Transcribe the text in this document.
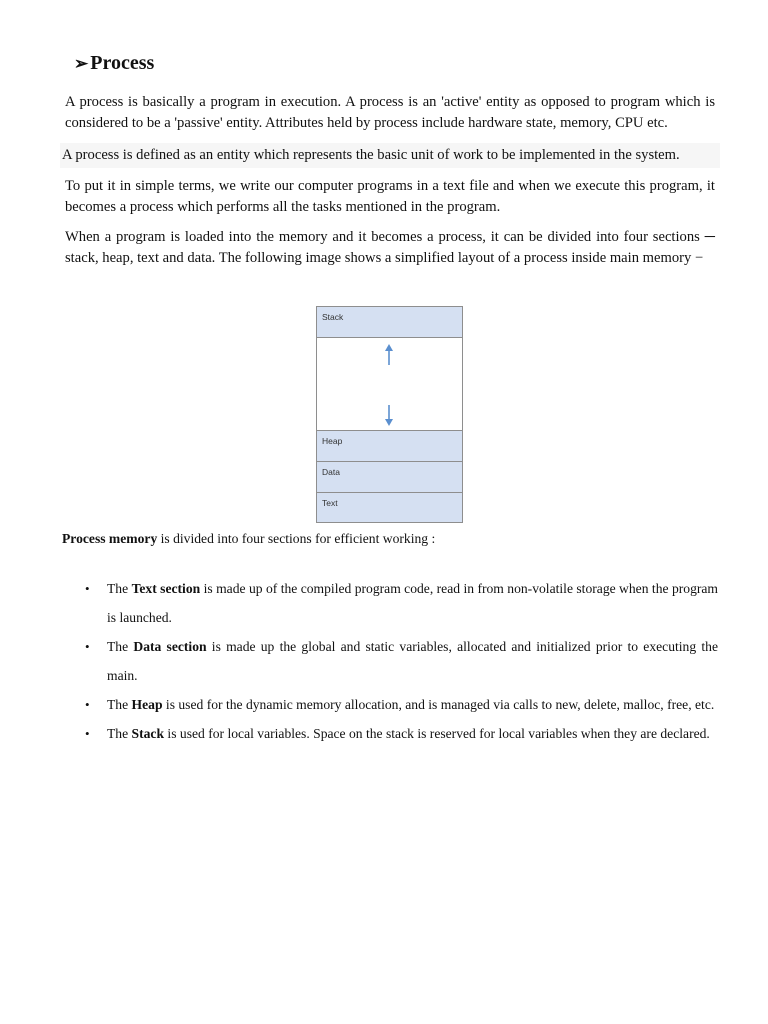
➢ Process
A process is basically a program in execution. A process is an 'active' entity as opposed to program which is considered to be a 'passive' entity. Attributes held by process include hardware state, memory, CPU etc.
A process is defined as an entity which represents the basic unit of work to be implemented in the system.
To put it in simple terms, we write our computer programs in a text file and when we execute this program, it becomes a process which performs all the tasks mentioned in the program.
When a program is loaded into the memory and it becomes a process, it can be divided into four sections ─ stack, heap, text and data. The following image shows a simplified layout of a process inside main memory −
Stack
Heap
Data
Text
Process memory is divided into four sections for efficient working :
• The Text section is made up of the compiled program code, read in from non-volatile storage when the program is launched.
• The Data section is made up the global and static variables, allocated and initialized prior to executing the main.
• The Heap is used for the dynamic memory allocation, and is managed via calls to new, delete, malloc, free, etc.
• The Stack is used for local variables. Space on the stack is reserved for local variables when they are declared.
